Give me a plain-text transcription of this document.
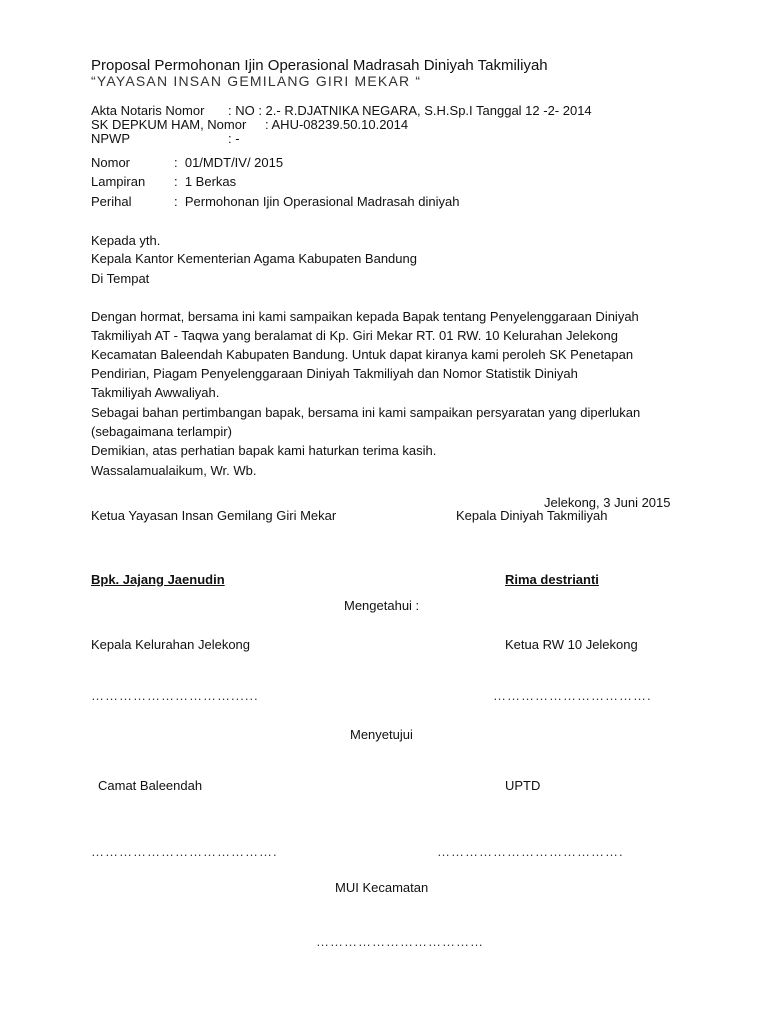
Proposal Permohonan Ijin Operasional Madrasah Diniyah Takmiliyah
“YAYASAN INSAN GEMILANG GIRI MEKAR “
Akta Notaris Nomor : NO : 2.- R.DJATNIKA NEGARA, S.H.Sp.I Tanggal 12 -2- 2014
SK DEPKUM HAM, Nomor : AHU-08239.50.10.2014
NPWP	: -
Nomor	:  01/MDT/IV/ 2015
Lampiran :  1 Berkas
Perihal	:  Permohonan Ijin Operasional Madrasah diniyah
Kepada yth.
Kepala Kantor Kementerian Agama Kabupaten Bandung
Di Tempat
Dengan hormat, bersama ini kami sampaikan kepada Bapak tentang Penyelenggaraan Diniyah
Takmiliyah AT - Taqwa yang beralamat di Kp. Giri Mekar RT. 01 RW. 10 Kelurahan Jelekong
Kecamatan Baleendah Kabupaten Bandung. Untuk dapat kiranya kami peroleh SK Penetapan
Pendirian, Piagam Penyelenggaraan Diniyah Takmiliyah dan Nomor Statistik Diniyah
Takmiliyah Awwaliyah.
Sebagai bahan pertimbangan bapak, bersama ini kami sampaikan persyaratan yang diperlukan
(sebagaimana terlampir)
Demikian, atas perhatian bapak kami haturkan terima kasih.
Wassalamualaikum, Wr. Wb.
Jelekong, 3 Juni 2015
Ketua Yayasan Insan Gemilang Giri Mekar	Kepala Diniyah Takmiliyah
Bpk. Jajang Jaenudin	Rima destrianti
Mengetahui :
Kepala Kelurahan Jelekong	Ketua RW 10 Jelekong
…………………………......	…………………………….
Menyetujui
Camat Baleendah	UPTD
………………………………….	………………………………….
MUI Kecamatan
………………………………
